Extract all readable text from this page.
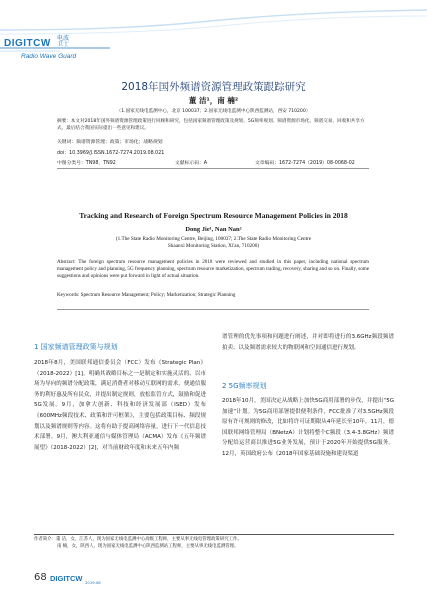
DIGITCW 电波
卫士
Radio Wave Guard
2018年国外频谱资源管理政策跟踪研究
董 洁¹，南 楠²
（1.国家无线电监测中心，北京 100037；2.国家无线电监测中心陕西监测站，西安 710200）
摘要：本文对2018年国外频谱资源管理政策进行回顾和研究，包括国家频谱管理政策及规划、5G频率规划、频谱资源市场化、频谱交易、回收和共享方式，最后结合我国实际提出一些意见和建议。
关键词：频谱资源管理；政策；市场化；战略规划
doi：10.3969/J.ISSN.1672-7274.2019.08.021
中图分类号：TN98，TN92	文献标示码：A	文章编码：1672-7274（2019）08-0068-02
Tracking and Research of Foreign Spectrum Resource Management Policies in 2018
Dong Jie¹, Nan Nan²
(1.The State Radio Monitoring Centre, Beijing, 100037; 2.The State Radio Monitoring Centre Shaanxi Monitoring Station, Xi'an, 710200)
Abstract: The foreign spectrum resource management policies in 2018 were reviewed and studied in this paper, including national spectrum management policy and planning, 5G frequency planning, spectrum resource marketization, spectrum trading, recovery, sharing and so on. Finally, some suggestions and opinions were put forward in light of actual situation.
Keywords: Spectrum Resource Management; Policy; Marketization; Strategic Planning
1 国家频谱管理政策与规划
2018年8月，美国联邦通信委员会（FCC）发布《Strategic Plan》（2018-2022）[1]，明确其战略目标之一是制定和实施灵活的、以市场为导向的频谱分配政策，满足消费者对移动互联网的需求，便通信服务的利好惠及所有民众，并提出制定规则，放松监管方式，鼓励和促进5G发展。9月，加拿大创新、科技和经济发展部（ISED）发布《600MHz频段技术、政策和许可框架》，主要包括政策目标、频段规划以及频谱规则等内容。这将有助于提高网络容量，进行下一代信息技术部署。9月，澳大利亚通信与媒体管理局（ACMA）发布《五年频谱展望》（2018-2022）[2]，对当前财政年度和未来五年内频
谱管理的优先事项和问题进行阐述，并对即将进行的3.6GHz频段频谱拍卖、以及频谱需求较大的物联网和空间通信进行规划。
2 5G频率规划
2018年10月，美国决定从战略上加快5G商用部署的步伐，并提出“5G加速”计划。为5G商用部署提供便利条件，FCC批准了对3.5GHz频段原有许可规则的修改，比如将许可证期限从4年延长至10年。11月，德国联邦网络管理局（BNetzA）计划将整个C频段（3.4-3.8GHz）频谱分配给运营商以推进5G业务发展，预计于2020年开始提供5G服务。12月，英国政府公布《2018年国家基础设施和建设渠道
作者简介：董 洁，女，江苏人，现为国家无线电监测中心高级工程师，主要从事无线电管理政策研究工作。
南 楠，女，陕西人，现为国家无线电监测中心陕西监测站工程师，主要从事无线电监测管理。
68 DIGITCW 2019.08
